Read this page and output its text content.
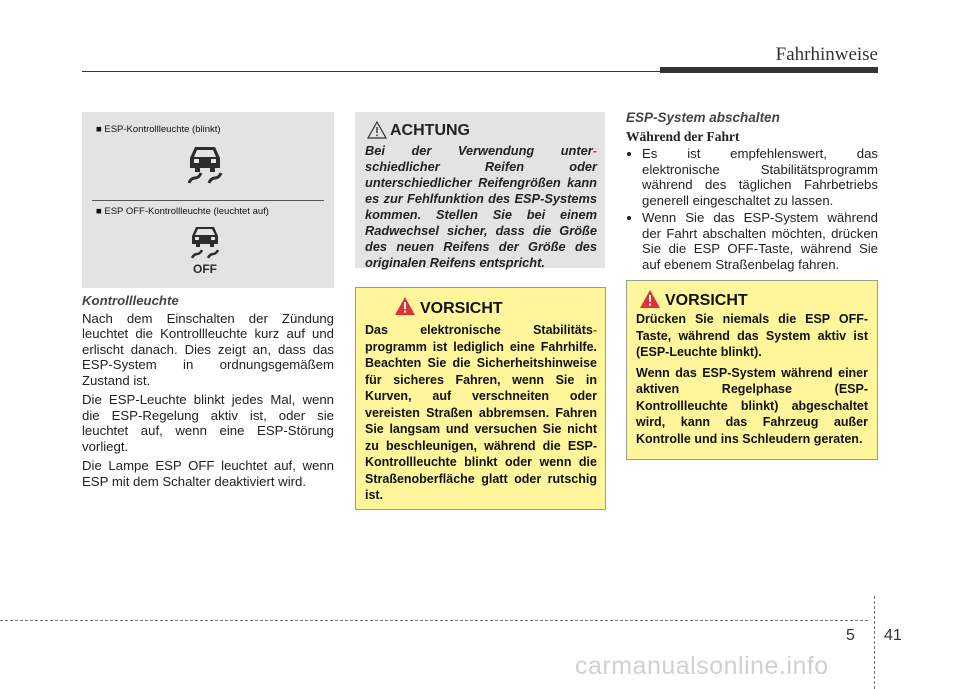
Fahrhinweise
■ ESP-Kontrollleuchte (blinkt)
■ ESP OFF-Kontrollleuchte (leuchtet auf)
OFF
Kontrollleuchte

Nach dem Einschalten der Zündung leuchtet die Kontrollleuchte kurz auf und erlischt danach. Dies zeigt an, dass das ESP-System in ordnungsgemäßem Zustand ist.

Die ESP-Leuchte blinkt jedes Mal, wenn die ESP-Regelung aktiv ist, oder sie leuchtet auf, wenn eine ESP-Störung vorliegt.

Die Lampe ESP OFF leuchtet auf, wenn ESP mit dem Schalter deaktiviert wird.

ACHTUNG
Bei der Verwendung unter- schiedlicher Reifen oder unterschiedlicher Reifengrößen kann es zur Fehlfunktion des ESP-Systems kommen. Stellen Sie bei einem Radwechsel sicher, dass die Größe des neuen Reifens der Größe des originalen Reifens entspricht.
VORSICHT
Das elektronische Stabilitäts- programm ist lediglich eine Fahrhilfe. Beachten Sie die Sicherheitshinweise für sicheres Fahren, wenn Sie in Kurven, auf verschneiten oder vereisten Straßen abbremsen. Fahren Sie langsam und versuchen Sie nicht zu beschleunigen, während die ESP-Kontrollleuchte blinkt oder wenn die Straßenoberfläche glatt oder rutschig ist.
ESP-System abschalten
Während der Fahrt
• Es ist empfehlenswert, das elektronische Stabilitätsprogramm während des täglichen Fahrbetriebs generell eingeschaltet zu lassen.
• Wenn Sie das ESP-System während der Fahrt abschalten möchten, drücken Sie die ESP OFF-Taste, während Sie auf ebenem Straßenbelag fahren.
VORSICHT
Drücken Sie niemals die ESP OFF-Taste, während das System aktiv ist (ESP-Leuchte blinkt).
Wenn das ESP-System während einer aktiven Regelphase (ESP-Kontrollleuchte blinkt) abgeschaltet wird, kann das Fahrzeug außer Kontrolle und ins Schleudern geraten.
5 41
carmanualsonline.info
